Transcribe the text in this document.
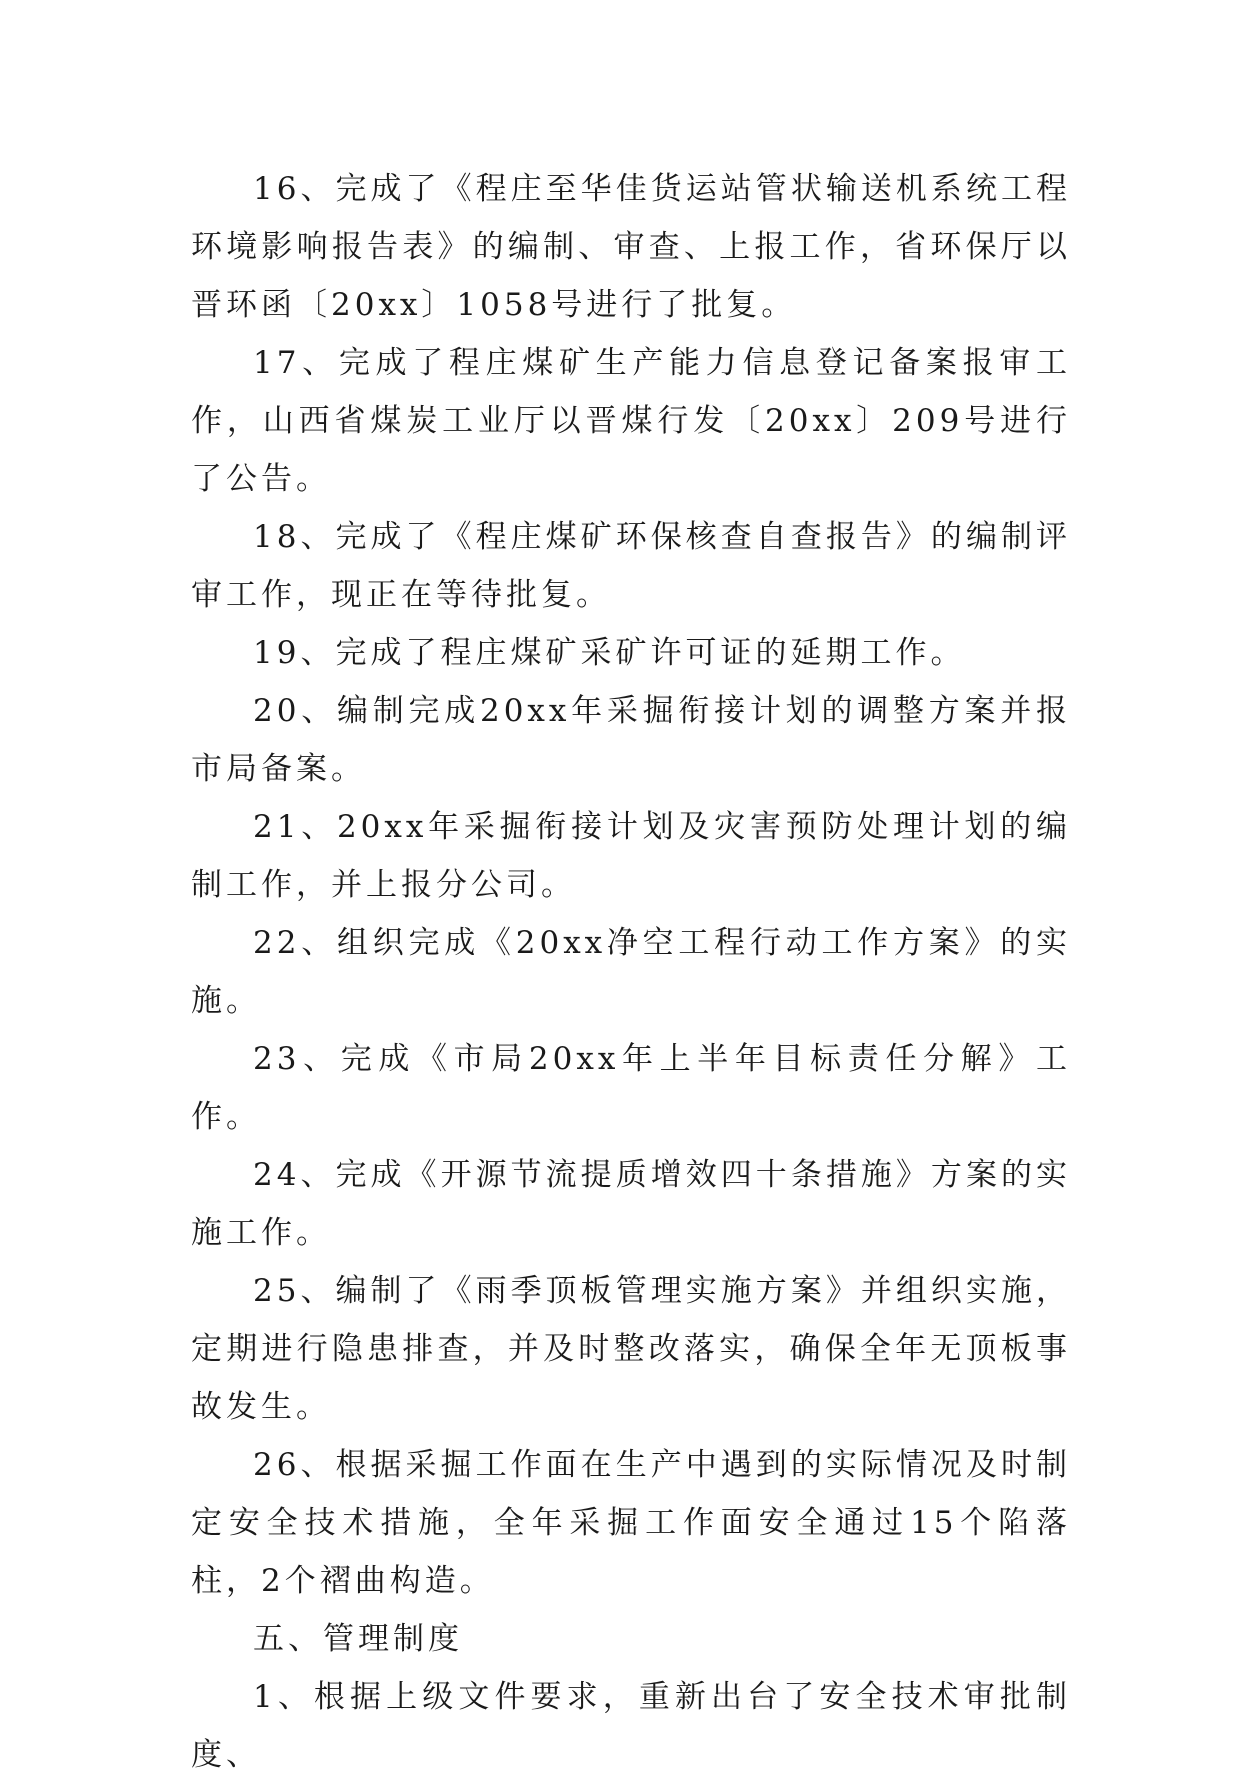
16、完成了《程庄至华佳货运站管状输送机系统工程环境影响报告表》的编制、审查、上报工作，省环保厅以晋环函〔20xx〕1058号进行了批复。

17、完成了程庄煤矿生产能力信息登记备案报审工作，山西省煤炭工业厅以晋煤行发〔20xx〕209号进行了公告。

18、完成了《程庄煤矿环保核查自查报告》的编制评审工作，现正在等待批复。

19、完成了程庄煤矿采矿许可证的延期工作。

20、编制完成20xx年采掘衔接计划的调整方案并报市局备案。

21、20xx年采掘衔接计划及灾害预防处理计划的编制工作，并上报分公司。

22、组织完成《20xx净空工程行动工作方案》的实施。

23、完成《市局20xx年上半年目标责任分解》工作。

24、完成《开源节流提质增效四十条措施》方案的实施工作。

25、编制了《雨季顶板管理实施方案》并组织实施，定期进行隐患排查，并及时整改落实，确保全年无顶板事故发生。

26、根据采掘工作面在生产中遇到的实际情况及时制定安全技术措施，全年采掘工作面安全通过15个陷落柱，2个褶曲构造。

五、管理制度

1、根据上级文件要求，重新出台了安全技术审批制度、
